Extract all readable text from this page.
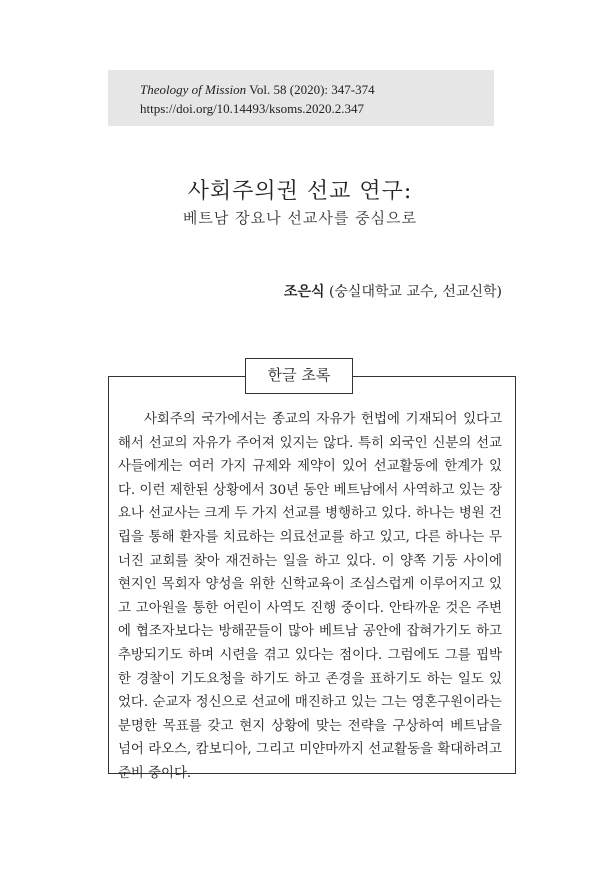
Theology of Mission Vol. 58 (2020): 347-374
https://doi.org/10.14493/ksoms.2020.2.347
사회주의권 선교 연구:
베트남 장요나 선교사를 중심으로
조은식 (숭실대학교 교수, 선교신학)
한글 초록

사회주의 국가에서는 종교의 자유가 헌법에 기재되어 있다고 해서 선교의 자유가 주어져 있지는 않다. 특히 외국인 신분의 선교사들에게는 여러 가지 규제와 제약이 있어 선교활동에 한계가 있다. 이런 제한된 상황에서 30년 동안 베트남에서 사역하고 있는 장요나 선교사는 크게 두 가지 선교를 병행하고 있다. 하나는 병원 건립을 통해 환자를 치료하는 의료선교를 하고 있고, 다른 하나는 무너진 교회를 찾아 재건하는 일을 하고 있다. 이 양쪽 기둥 사이에 현지인 목회자 양성을 위한 신학교육이 조심스럽게 이루어지고 있고 고아원을 통한 어린이 사역도 진행 중이다. 안타까운 것은 주변에 협조자보다는 방해꾼들이 많아 베트남 공안에 잡혀가기도 하고 추방되기도 하며 시련을 겪고 있다는 점이다. 그럼에도 그를 핍박한 경찰이 기도요청을 하기도 하고 존경을 표하기도 하는 일도 있었다. 순교자 정신으로 선교에 매진하고 있는 그는 영혼구원이라는 분명한 목표를 갖고 현지 상황에 맞는 전략을 구상하여 베트남을 넘어 라오스, 캄보디아, 그리고 미얀마까지 선교활동을 확대하려고 준비 중이다.
